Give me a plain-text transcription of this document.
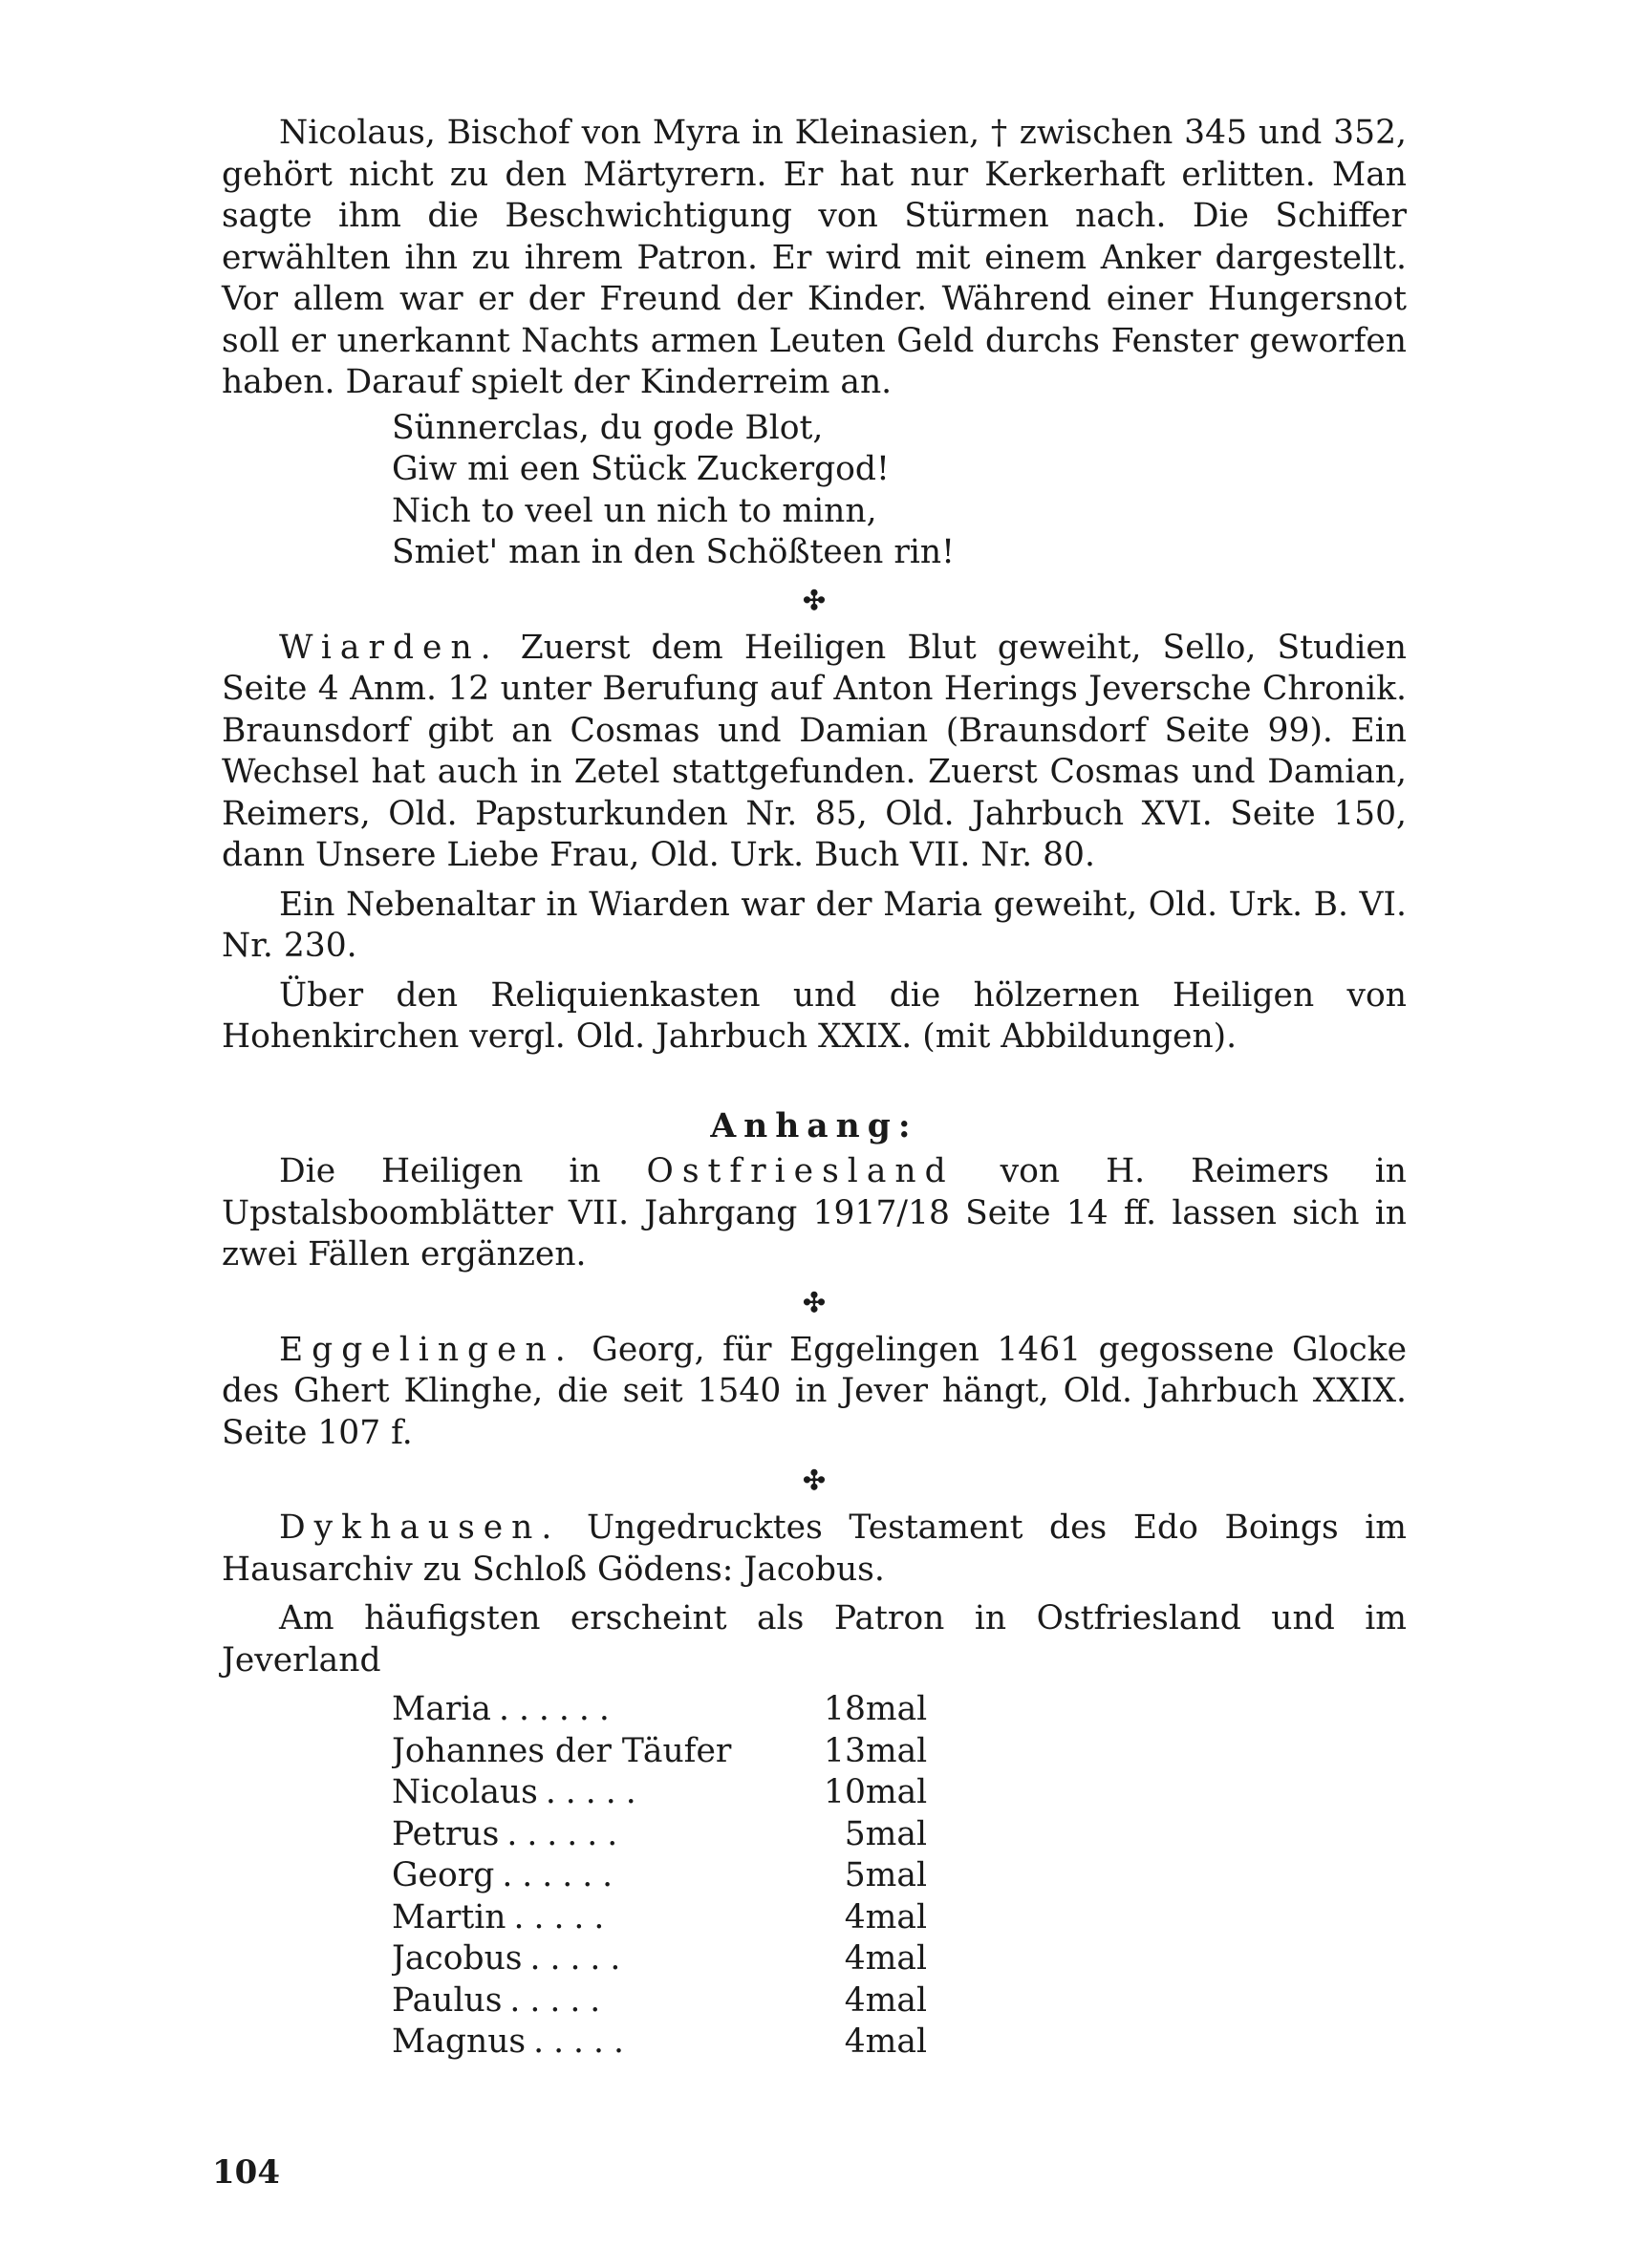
Nicolaus, Bischof von Myra in Kleinasien, † zwischen 345 und 352, gehört nicht zu den Märtyrern. Er hat nur Kerkerhaft erlitten. Man sagte ihm die Beschwichtigung von Stürmen nach. Die Schiffer erwählten ihn zu ihrem Patron. Er wird mit einem Anker dargestellt. Vor allem war er der Freund der Kinder. Während einer Hungersnot soll er unerkannt Nachts armen Leuten Geld durchs Fenster geworfen haben. Darauf spielt der Kinderreim an.

Sünnerclas, du gode Blot,
Giw mi een Stück Zuckergod!
Nich to veel un nich to minn,
Smiet' man in den Schößteen rin!
✣

Wiarden. Zuerst dem Heiligen Blut geweiht, Sello, Studien Seite 4 Anm. 12 unter Berufung auf Anton Herings Jeversche Chronik. Braunsdorf gibt an Cosmas und Damian (Braunsdorf Seite 99). Ein Wechsel hat auch in Zetel stattgefunden. Zuerst Cosmas und Damian, Reimers, Old. Papsturkunden Nr. 85, Old. Jahrbuch XVI. Seite 150, dann Unsere Liebe Frau, Old. Urk. Buch VII. Nr. 80.

Ein Nebenaltar in Wiarden war der Maria geweiht, Old. Urk. B. VI. Nr. 230.

Über den Reliquienkasten und die hölzernen Heiligen von Hohenkirchen vergl. Old. Jahrbuch XXIX. (mit Abbildungen).

Anhang:

Die Heiligen in Ostfriesland von H. Reimers in Upstalsboomblätter VII. Jahrgang 1917/18 Seite 14 ff. lassen sich in zwei Fällen ergänzen.

✣

Eggelingen. Georg, für Eggelingen 1461 gegossene Glocke des Ghert Klinghe, die seit 1540 in Jever hängt, Old. Jahrbuch XXIX. Seite 107 f.

✣

Dykhausen. Ungedrucktes Testament des Edo Boings im Hausarchiv zu Schloß Gödens: Jacobus.

Am häufigsten erscheint als Patron in Ostfriesland und im Jeverland

Maria ......	18mal
Johannes der Täufer	13mal
Nicolaus .....	10mal
Petrus ......	5mal
Georg ......	5mal
Martin .....	4mal
Jacobus .....	4mal
Paulus .....	4mal
Magnus .....	4mal
104
